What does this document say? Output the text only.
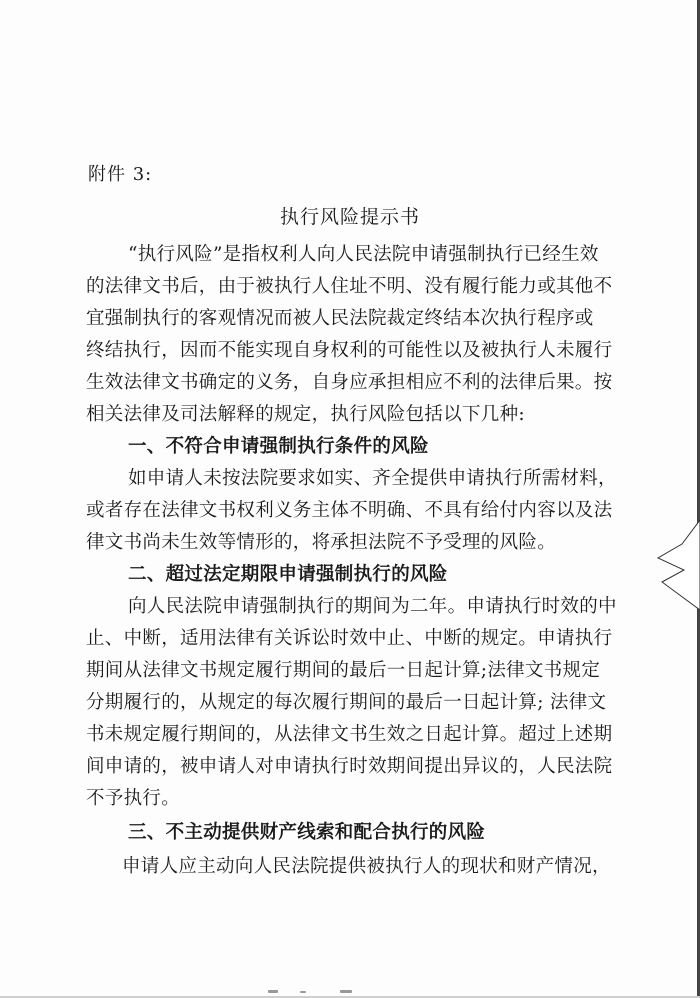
附件 3:
执行风险提示书
“执行风险”是指权利人向人民法院申请强制执行已经生效
的法律文书后，由于被执行人住址不明、没有履行能力或其他不
宜强制执行的客观情况而被人民法院裁定终结本次执行程序或
终结执行，因而不能实现自身权利的可能性以及被执行人未履行
生效法律文书确定的义务，自身应承担相应不利的法律后果。按
相关法律及司法解释的规定，执行风险包括以下几种:
一、不符合申请强制执行条件的风险
如申请人未按法院要求如实、齐全提供申请执行所需材料，
或者存在法律文书权利义务主体不明确、不具有给付内容以及法
律文书尚未生效等情形的，将承担法院不予受理的风险。
二、超过法定期限申请强制执行的风险
向人民法院申请强制执行的期间为二年。申请执行时效的中
止、中断，适用法律有关诉讼时效中止、中断的规定。申请执行
期间从法律文书规定履行期间的最后一日起计算;法律文书规定
分期履行的，从规定的每次履行期间的最后一日起计算; 法律文
书未规定履行期间的，从法律文书生效之日起计算。超过上述期
间申请的，被申请人对申请执行时效期间提出异议的，人民法院
不予执行。
三、不主动提供财产线索和配合执行的风险
申请人应主动向人民法院提供被执行人的现状和财产情况，
